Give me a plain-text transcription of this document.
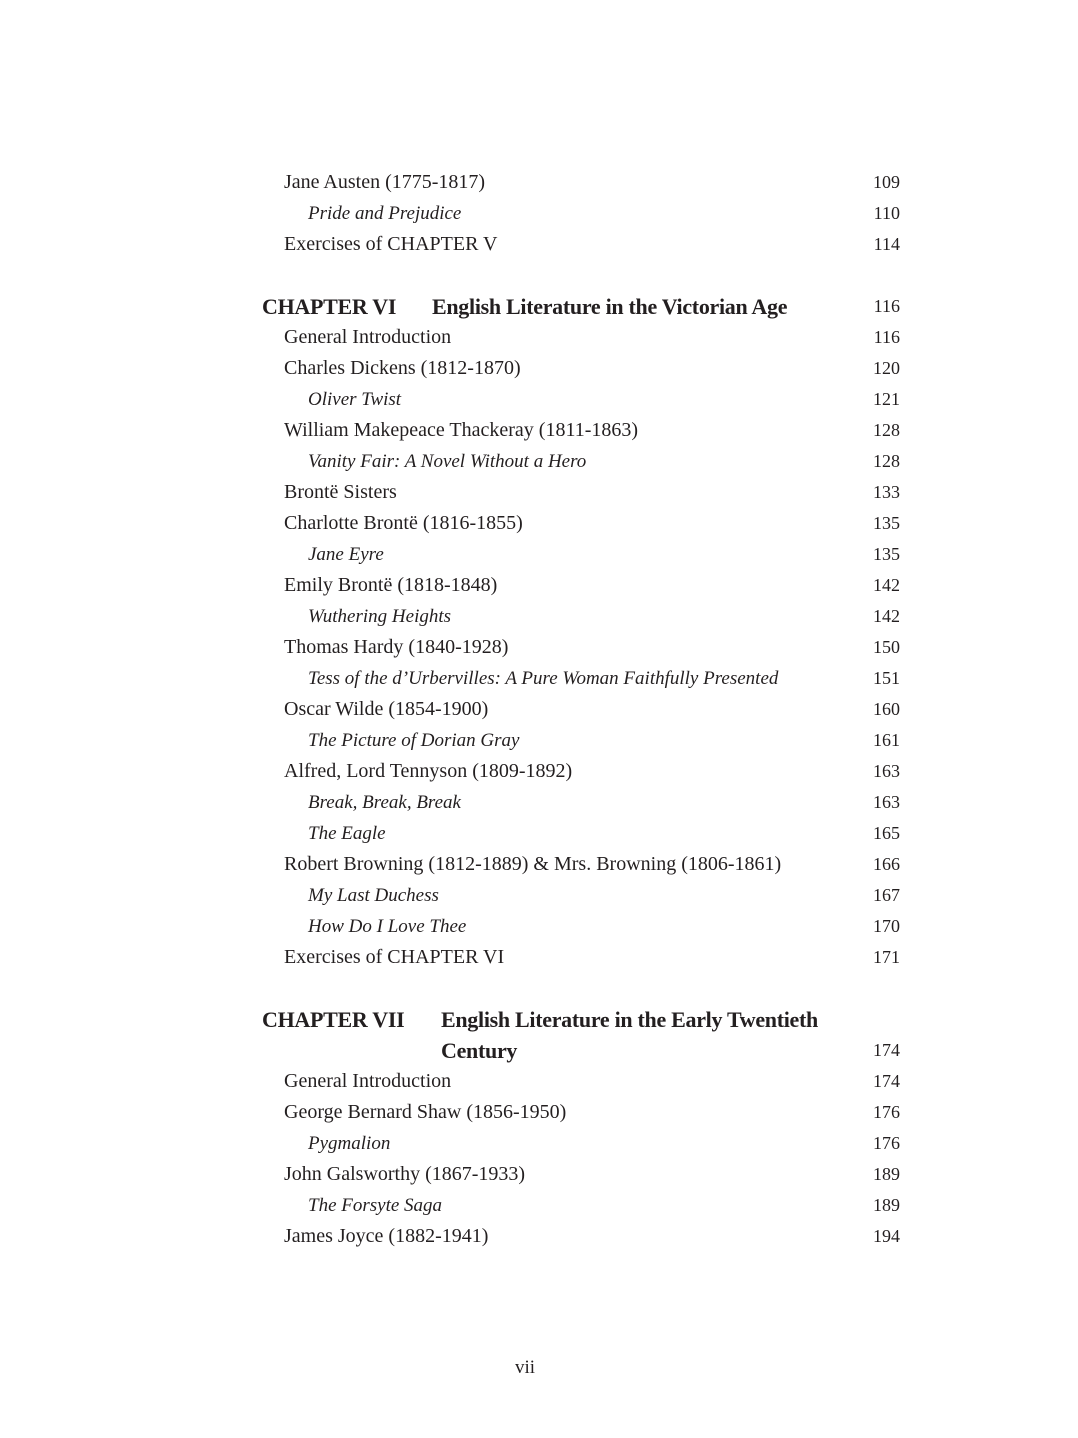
Jane Austen (1775-1817)	109
Pride and Prejudice	110
Exercises of CHAPTER V	114
CHAPTER VI English Literature in the Victorian Age	116
General Introduction	116
Charles Dickens (1812-1870)	120
Oliver Twist	121
William Makepeace Thackeray (1811-1863)	128
Vanity Fair: A Novel Without a Hero	128
Brontë Sisters	133
Charlotte Brontë (1816-1855)	135
Jane Eyre	135
Emily Brontë (1818-1848)	142
Wuthering Heights	142
Thomas Hardy (1840-1928)	150
Tess of the d’Urbervilles: A Pure Woman Faithfully Presented	151
Oscar Wilde (1854-1900)	160
The Picture of Dorian Gray	161
Alfred, Lord Tennyson (1809-1892)	163
Break, Break, Break	163
The Eagle	165
Robert Browning (1812-1889) & Mrs. Browning (1806-1861)	166
My Last Duchess	167
How Do I Love Thee	170
Exercises of CHAPTER VI	171
CHAPTER VII English Literature in the Early Twentieth Century	174
General Introduction	174
George Bernard Shaw (1856-1950)	176
Pygmalion	176
John Galsworthy (1867-1933)	189
The Forsyte Saga	189
James Joyce (1882-1941)	194
vii
